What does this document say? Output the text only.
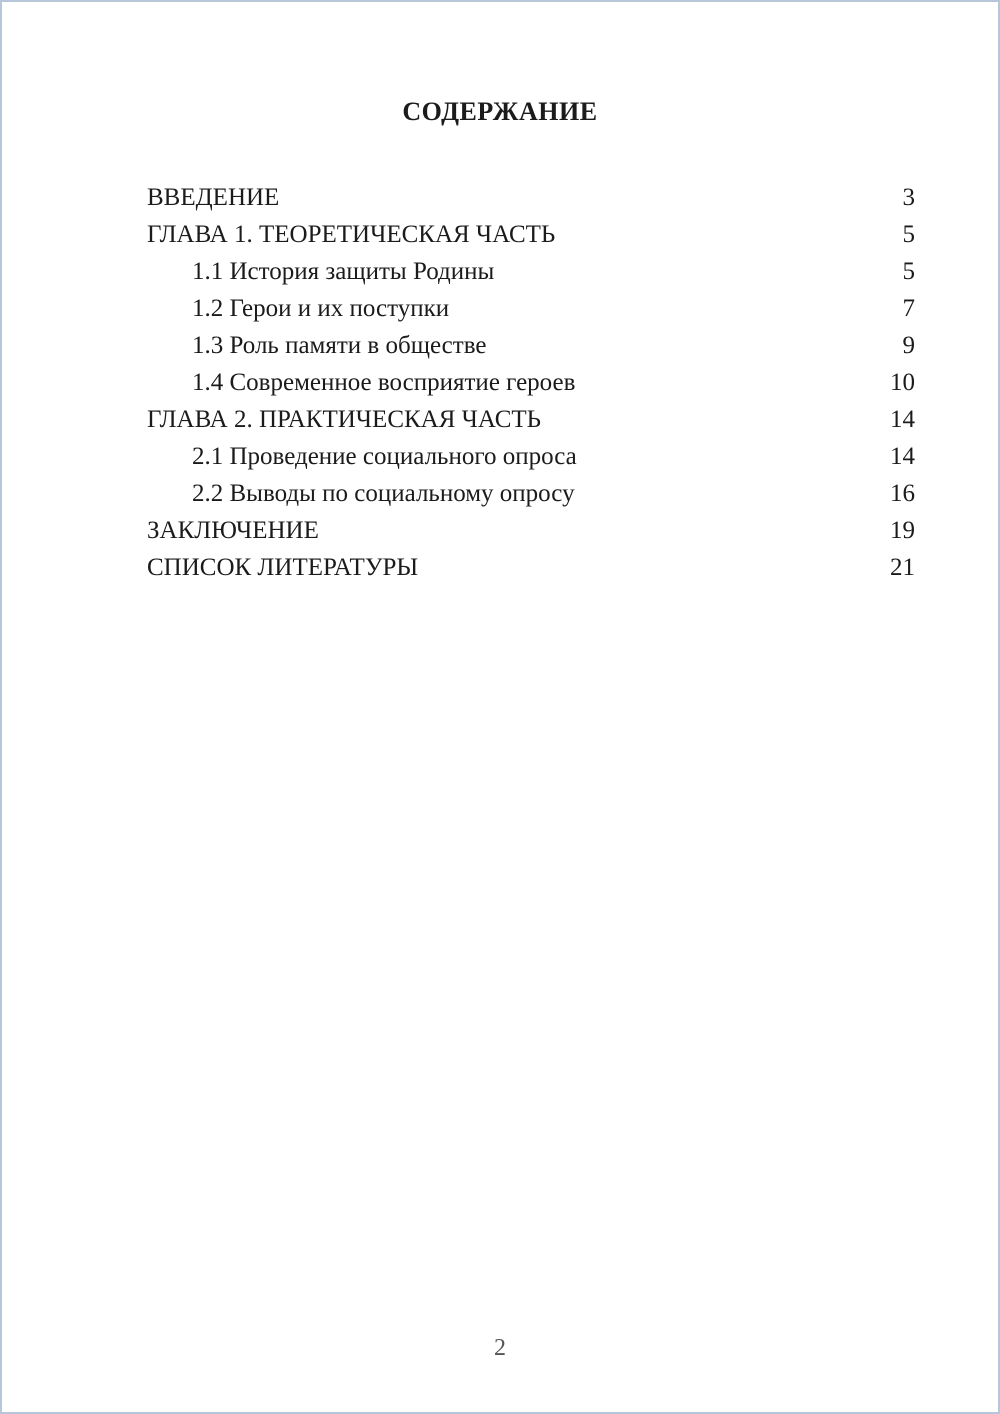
СОДЕРЖАНИЕ
ВВЕДЕНИЕ	3
ГЛАВА 1. ТЕОРЕТИЧЕСКАЯ ЧАСТЬ	5
1.1 История защиты Родины	5
1.2 Герои и их поступки	7
1.3 Роль памяти в обществе	9
1.4 Современное восприятие героев	10
ГЛАВА 2. ПРАКТИЧЕСКАЯ ЧАСТЬ	14
2.1 Проведение социального опроса	14
2.2 Выводы по социальному опросу	16
ЗАКЛЮЧЕНИЕ	19
СПИСОК ЛИТЕРАТУРЫ	21
2
